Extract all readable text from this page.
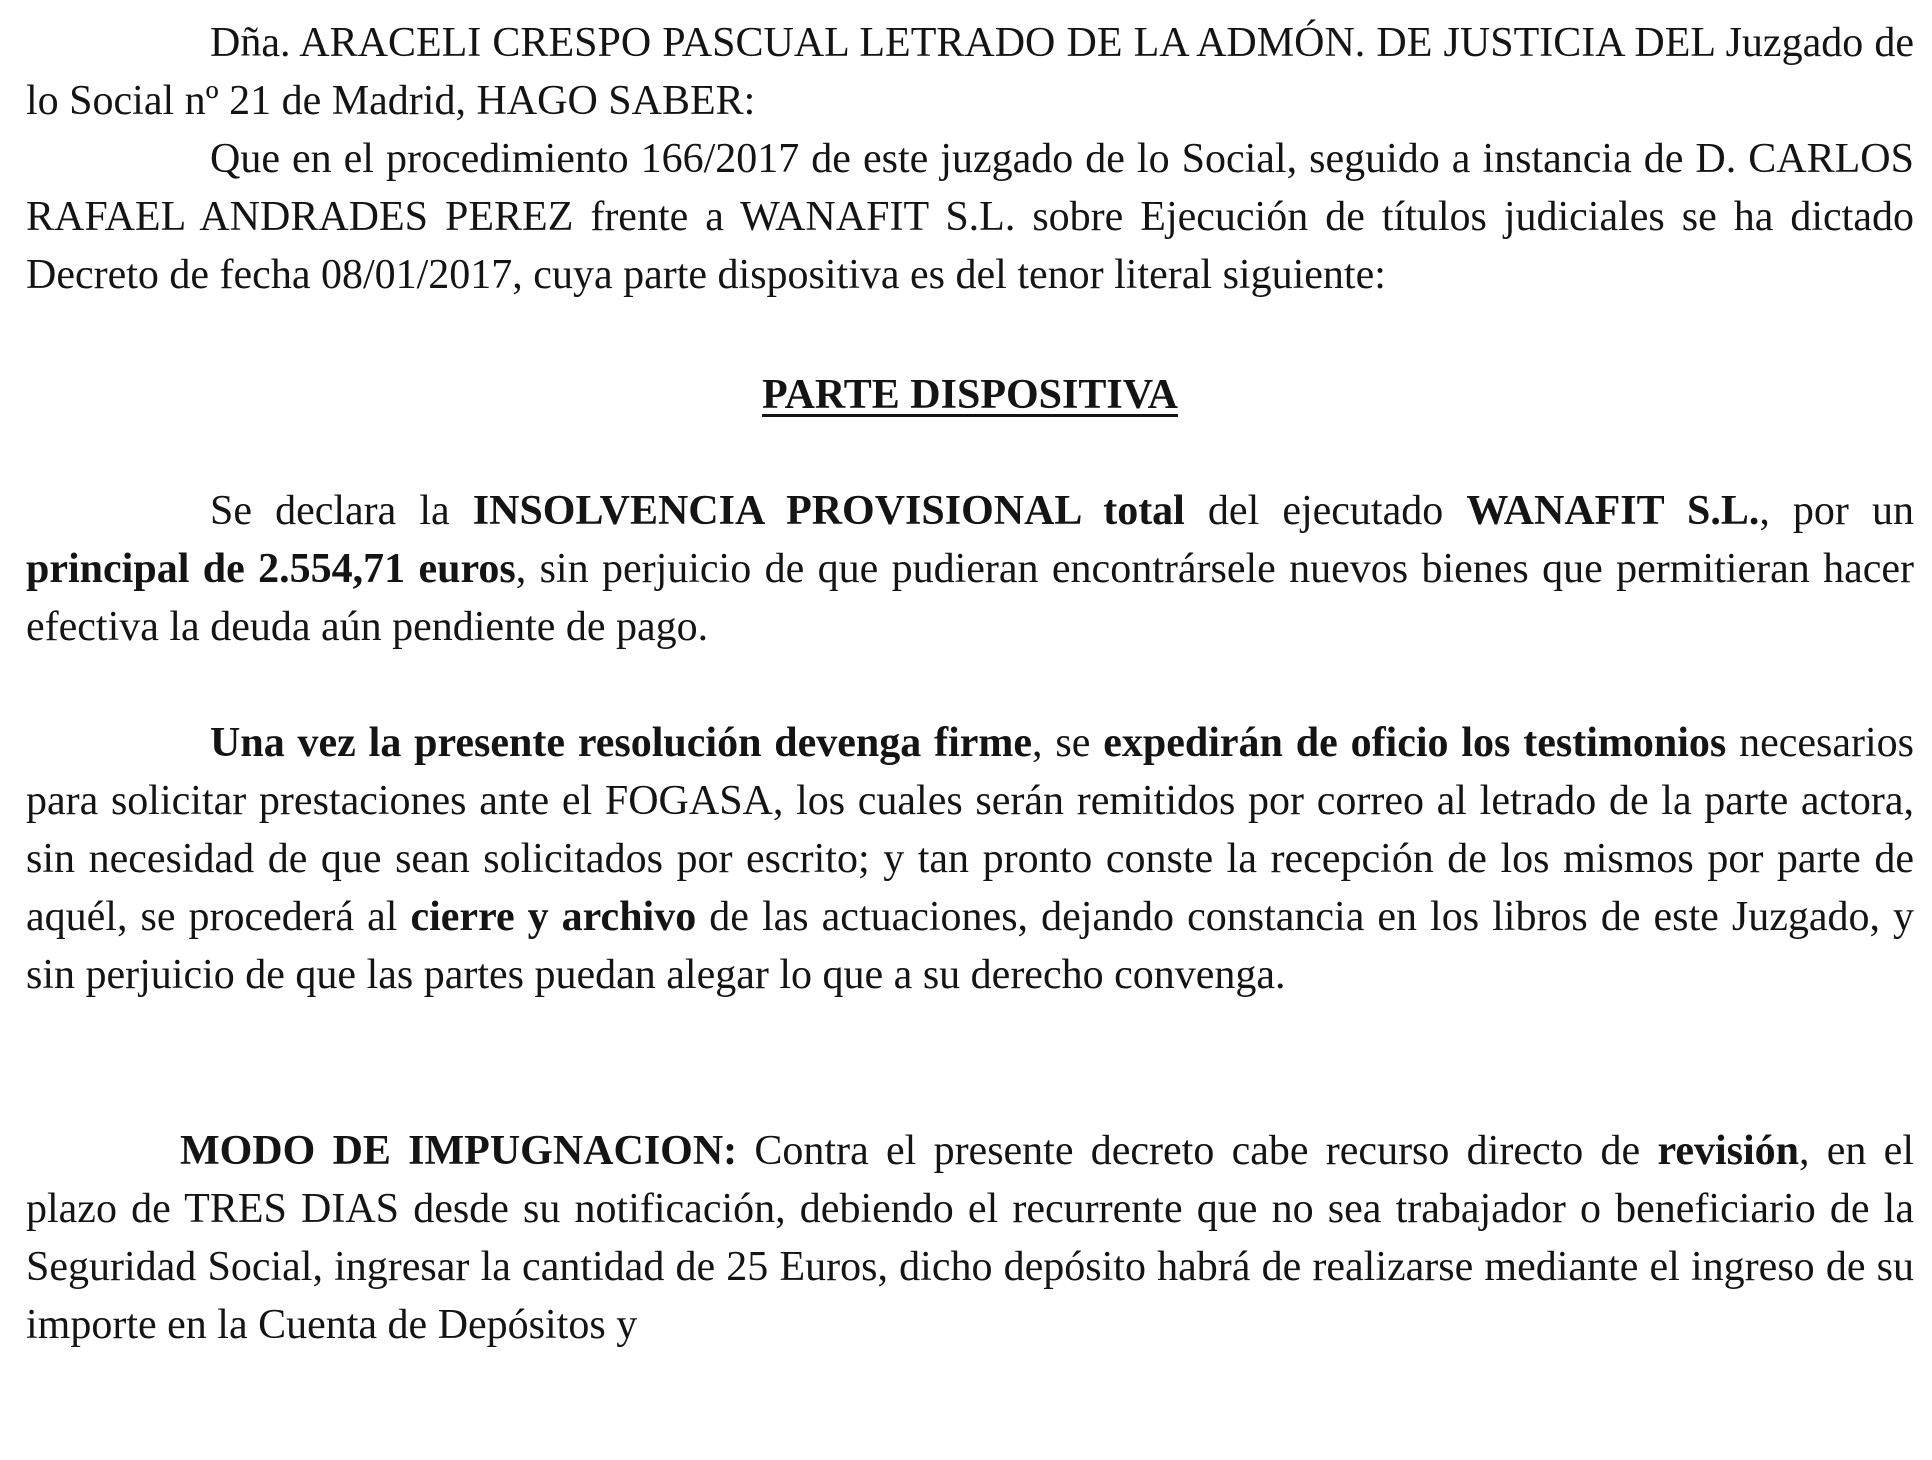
Dña. ARACELI CRESPO PASCUAL LETRADO DE LA ADMÓN. DE JUSTICIA DEL Juzgado de lo Social nº 21 de Madrid, HAGO SABER:

Que en el procedimiento 166/2017 de este juzgado de lo Social, seguido a instancia de D. CARLOS RAFAEL ANDRADES PEREZ frente a WANAFIT S.L. sobre Ejecución de títulos judiciales se ha dictado Decreto de fecha 08/01/2017, cuya parte dispositiva es del tenor literal siguiente:

PARTE DISPOSITIVA

Se declara la INSOLVENCIA PROVISIONAL total del ejecutado WANAFIT S.L., por un principal de 2.554,71 euros, sin perjuicio de que pudieran encontrársele nuevos bienes que permitieran hacer efectiva la deuda aún pendiente de pago.

Una vez la presente resolución devenga firme, se expedirán de oficio los testimonios necesarios para solicitar prestaciones ante el FOGASA, los cuales serán remitidos por correo al letrado de la parte actora, sin necesidad de que sean solicitados por escrito; y tan pronto conste la recepción de los mismos por parte de aquél, se procederá al cierre y archivo de las actuaciones, dejando constancia en los libros de este Juzgado, y sin perjuicio de que las partes puedan alegar lo que a su derecho convenga.

MODO DE IMPUGNACION: Contra el presente decreto cabe recurso directo de revisión, en el plazo de TRES DIAS desde su notificación, debiendo el recurrente que no sea trabajador o beneficiario de la Seguridad Social, ingresar la cantidad de 25 Euros, dicho depósito habrá de realizarse mediante el ingreso de su importe en la Cuenta de Depósitos y
